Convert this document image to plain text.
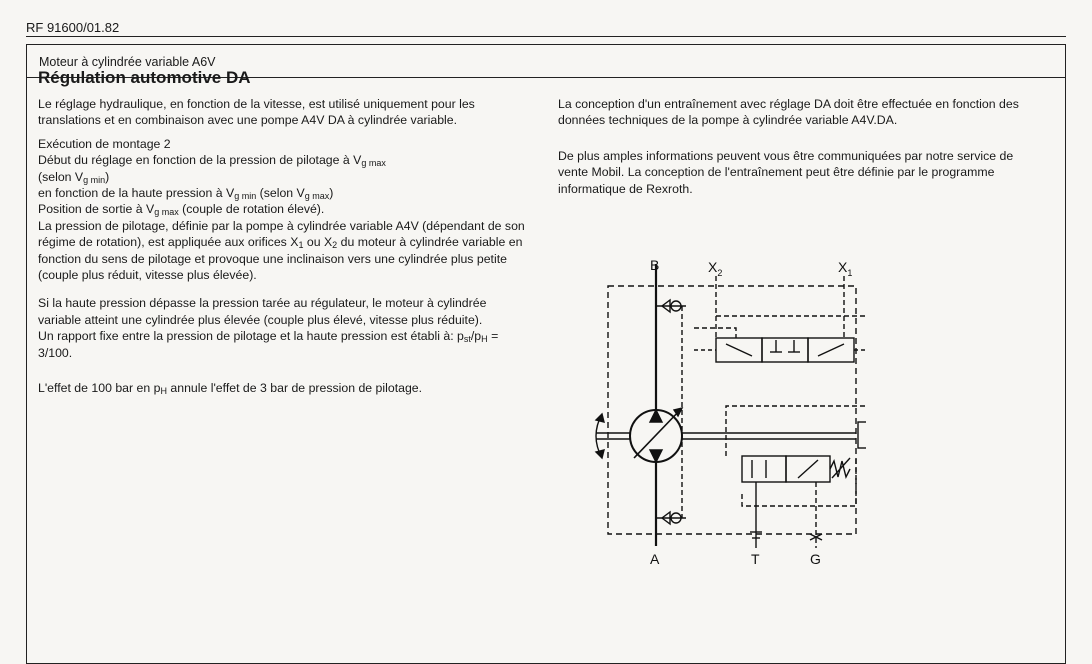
RF 91600/01.82
Moteur à cylindrée variable A6V
Régulation automotive DA

Le réglage hydraulique, en fonction de la vitesse, est utilisé uniquement pour les translations et en combinaison avec une pompe A4V DA à cylindrée variable.

Exécution de montage 2
Début du réglage en fonction de la pression de pilotage à $V_{g max}$
(selon $V_{g min}$)
en fonction de la haute pression à $V_{g min}$ (selon $V_{g max}$)
Position de sortie à $V_{g max}$ (couple de rotation élevé).
La pression de pilotage, définie par la pompe à cylindrée variable A4V (dépendant de son régime de rotation), est appliquée aux orifices $X_1$ ou $X_2$ du moteur à cylindrée variable en fonction du sens de pilotage et provoque une inclinaison vers une cylindrée plus petite (couple plus réduit, vitesse plus élevée).

Si la haute pression dépasse la pression tarée au régulateur, le moteur à cylindrée variable atteint une cylindrée plus élevée (couple plus élevé, vitesse plus réduite).

Un rapport fixe entre la pression de pilotage et la haute pression est établi à: $p_{st}/p_H = 3/100$.

L'effet de 100 bar en $p_H$ annule l'effet de 3 bar de pression de pilotage.

La conception d'un entraînement avec réglage DA doit être effectuée en fonction des données techniques de la pompe à cylindrée variable A4V.DA.

De plus amples informations peuvent vous être communiquées par notre service de vente Mobil. La conception de l'entraînement peut être définie par le programme informatique de Rexroth.

B
A
$X_2$	$X_1$
T	G
